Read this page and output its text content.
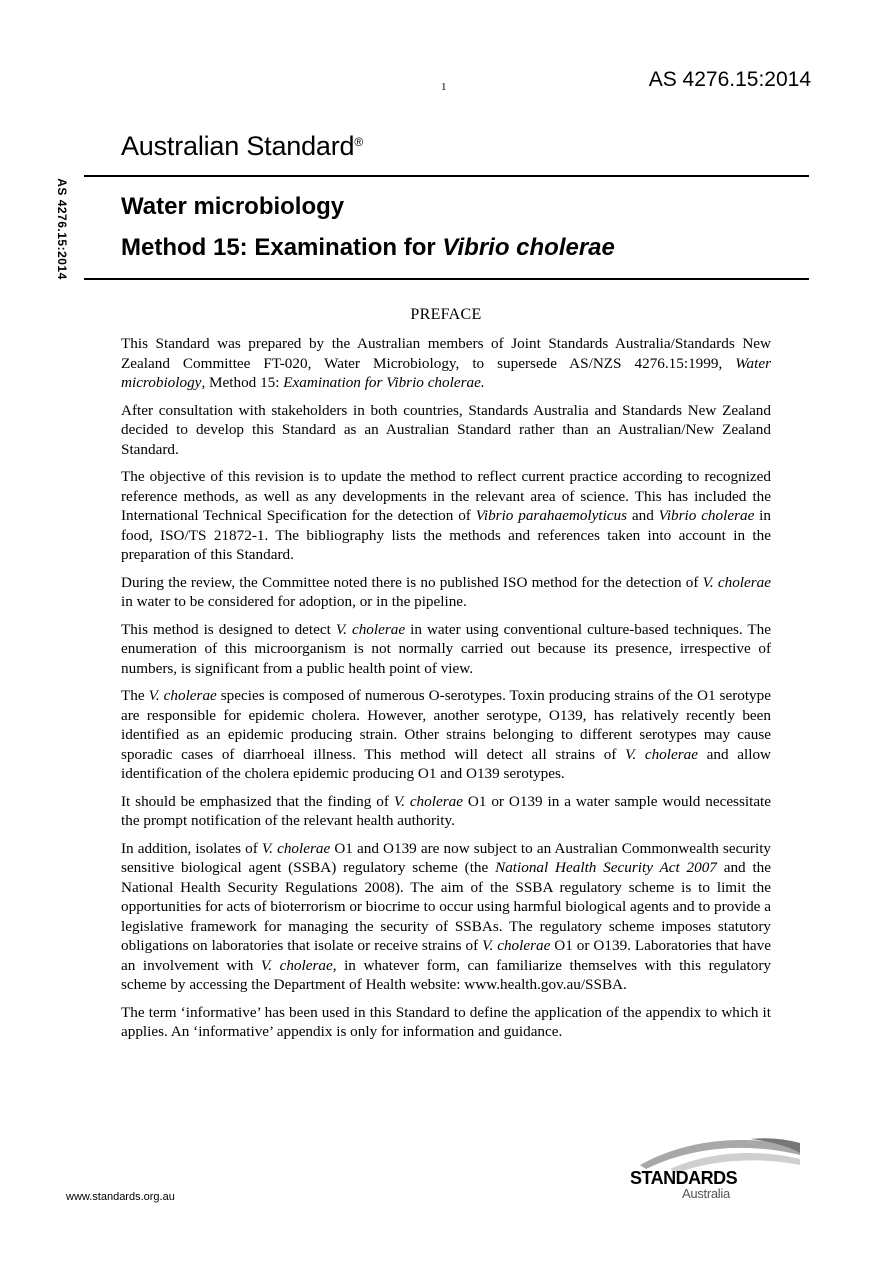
1	AS 4276.15:2014
Australian Standard®
AS 4276.15:2014 Water microbiology
Method 15: Examination for Vibrio cholerae
PREFACE

This Standard was prepared by the Australian members of Joint Standards Australia/Standards New Zealand Committee FT-020, Water Microbiology, to supersede AS/NZS 4276.15:1999, Water microbiology, Method 15: Examination for Vibrio cholerae.

After consultation with stakeholders in both countries, Standards Australia and Standards New Zealand decided to develop this Standard as an Australian Standard rather than an Australian/New Zealand Standard.

The objective of this revision is to update the method to reflect current practice according to recognized reference methods, as well as any developments in the relevant area of science. This has included the International Technical Specification for the detection of Vibrio parahaemolyticus and Vibrio cholerae in food, ISO/TS 21872-1. The bibliography lists the methods and references taken into account in the preparation of this Standard.

During the review, the Committee noted there is no published ISO method for the detection of V. cholerae in water to be considered for adoption, or in the pipeline.

This method is designed to detect V. cholerae in water using conventional culture-based techniques. The enumeration of this microorganism is not normally carried out because its presence, irrespective of numbers, is significant from a public health point of view.

The V. cholerae species is composed of numerous O-serotypes. Toxin producing strains of the O1 serotype are responsible for epidemic cholera. However, another serotype, O139, has relatively recently been identified as an epidemic producing strain. Other strains belonging to different serotypes may cause sporadic cases of diarrhoeal illness. This method will detect all strains of V. cholerae and allow identification of the cholera epidemic producing O1 and O139 serotypes.

It should be emphasized that the finding of V. cholerae O1 or O139 in a water sample would necessitate the prompt notification of the relevant health authority.

In addition, isolates of V. cholerae O1 and O139 are now subject to an Australian Commonwealth security sensitive biological agent (SSBA) regulatory scheme (the National Health Security Act 2007 and the National Health Security Regulations 2008). The aim of the SSBA regulatory scheme is to limit the opportunities for acts of bioterrorism or biocrime to occur using harmful biological agents and to provide a legislative framework for managing the security of SSBAs. The regulatory scheme imposes statutory obligations on laboratories that isolate or receive strains of V. cholerae O1 or O139. Laboratories that have an involvement with V. cholerae, in whatever form, can familiarize themselves with this regulatory scheme by accessing the Department of Health website: www.health.gov.au/SSBA.

The term ‘informative’ has been used in this Standard to define the application of the appendix to which it applies. An ‘informative’ appendix is only for information and guidance.

www.standards.org.au
STANDARDS
Australia
